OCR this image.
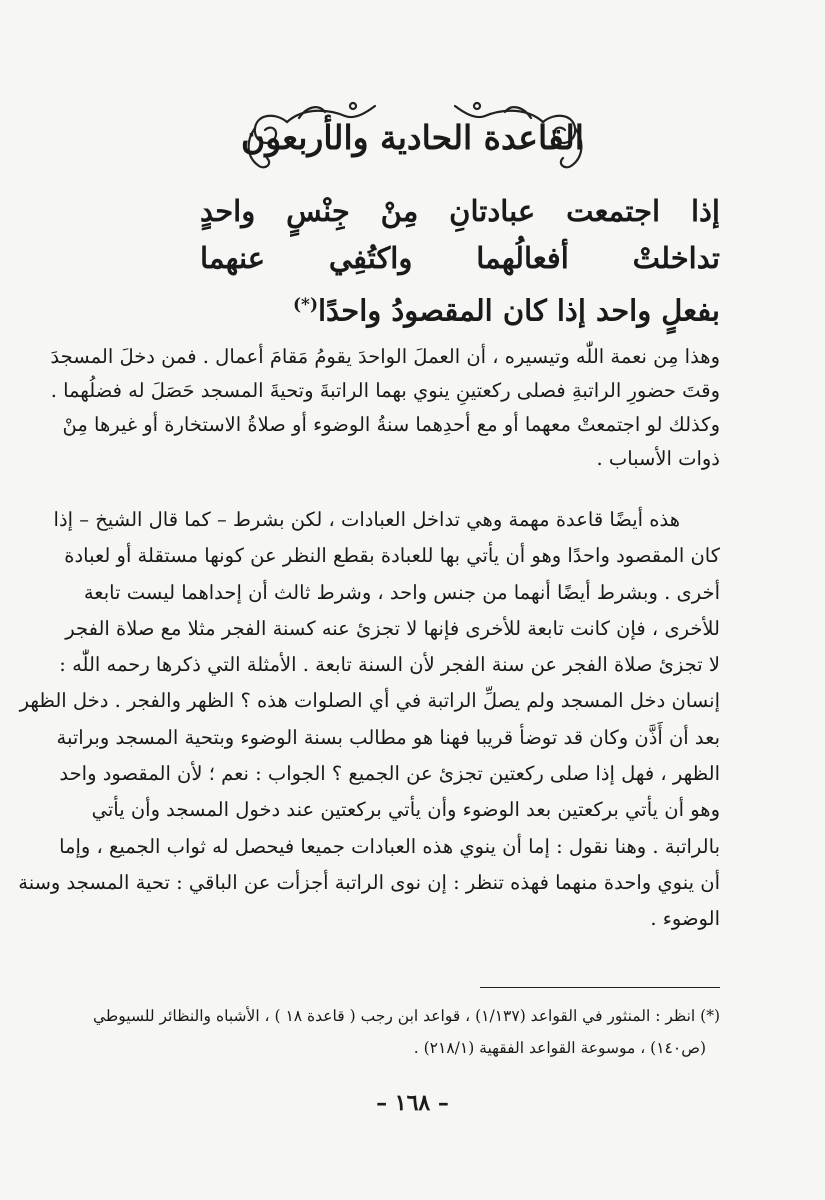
القاعدة الحادية والأربعون
إذا اجتمعت عبادتانِ مِنْ جِنْسٍ واحدٍ
تداخلتْ أفعالُهما واكتُفِي عنهما
بفعلٍ واحد إذا كان المقصودُ واحدًا(*)
وهذا مِن نعمة اللّٰه وتيسيره ، أن العملَ الواحدَ يقومُ مَقامَ أعمال . فمن دخلَ المسجدَ
وقتَ حضورِ الراتبةِ فصلى ركعتينِ ينوي بهما الراتبةَ وتحيةَ المسجد حَصَلَ له فضلُهما .
وكذلك لو اجتمعتْ معهما أو مع أحدِهما سنةُ الوضوء أو صلاةُ الاستخارة أو غيرها مِنْ
ذوات الأسباب .
هذه أيضًا قاعدة مهمة وهي تداخل العبادات ، لكن بشرط – كما قال الشيخ – إذا
كان المقصود واحدًا وهو أن يأتي بها للعبادة بقطع النظر عن كونها مستقلة أو لعبادة
أخرى . وبشرط أيضًا أنهما من جنس واحد ، وشرط ثالث أن إحداهما ليست تابعة
للأخرى ، فإن كانت تابعة للأخرى فإنها لا تجزئ عنه كسنة الفجر مثلا مع صلاة الفجر
لا تجزئ صلاة الفجر عن سنة الفجر لأن السنة تابعة . الأمثلة التي ذكرها رحمه اللّٰه :
إنسان دخل المسجد ولم يصلِّ الراتبة في أي الصلوات هذه ؟ الظهر والفجر . دخل الظهر
بعد أن أَذَّن وكان قد توضأ قريبا فهنا هو مطالب بسنة الوضوء وبتحية المسجد وبراتبة
الظهر ، فهل إذا صلى ركعتين تجزئ عن الجميع ؟ الجواب : نعم ؛ لأن المقصود واحد
وهو أن يأتي بركعتين بعد الوضوء وأن يأتي بركعتين عند دخول المسجد وأن يأتي
بالراتبة . وهنا نقول : إما أن ينوي هذه العبادات جميعا فيحصل له ثواب الجميع ، وإما
أن ينوي واحدة منهما فهذه تنظر : إن نوى الراتبة أجزأت عن الباقي : تحية المسجد وسنة
الوضوء .
(*) انظر : المنثور في القواعد (١/١٣٧) ، قواعد ابن رجب ( قاعدة ١٨ ) ، الأشباه والنظائر للسيوطي
(ص١٤٠) ، موسوعة القواعد الفقهية (٢١٨/١) .
– ١٦٨ –
